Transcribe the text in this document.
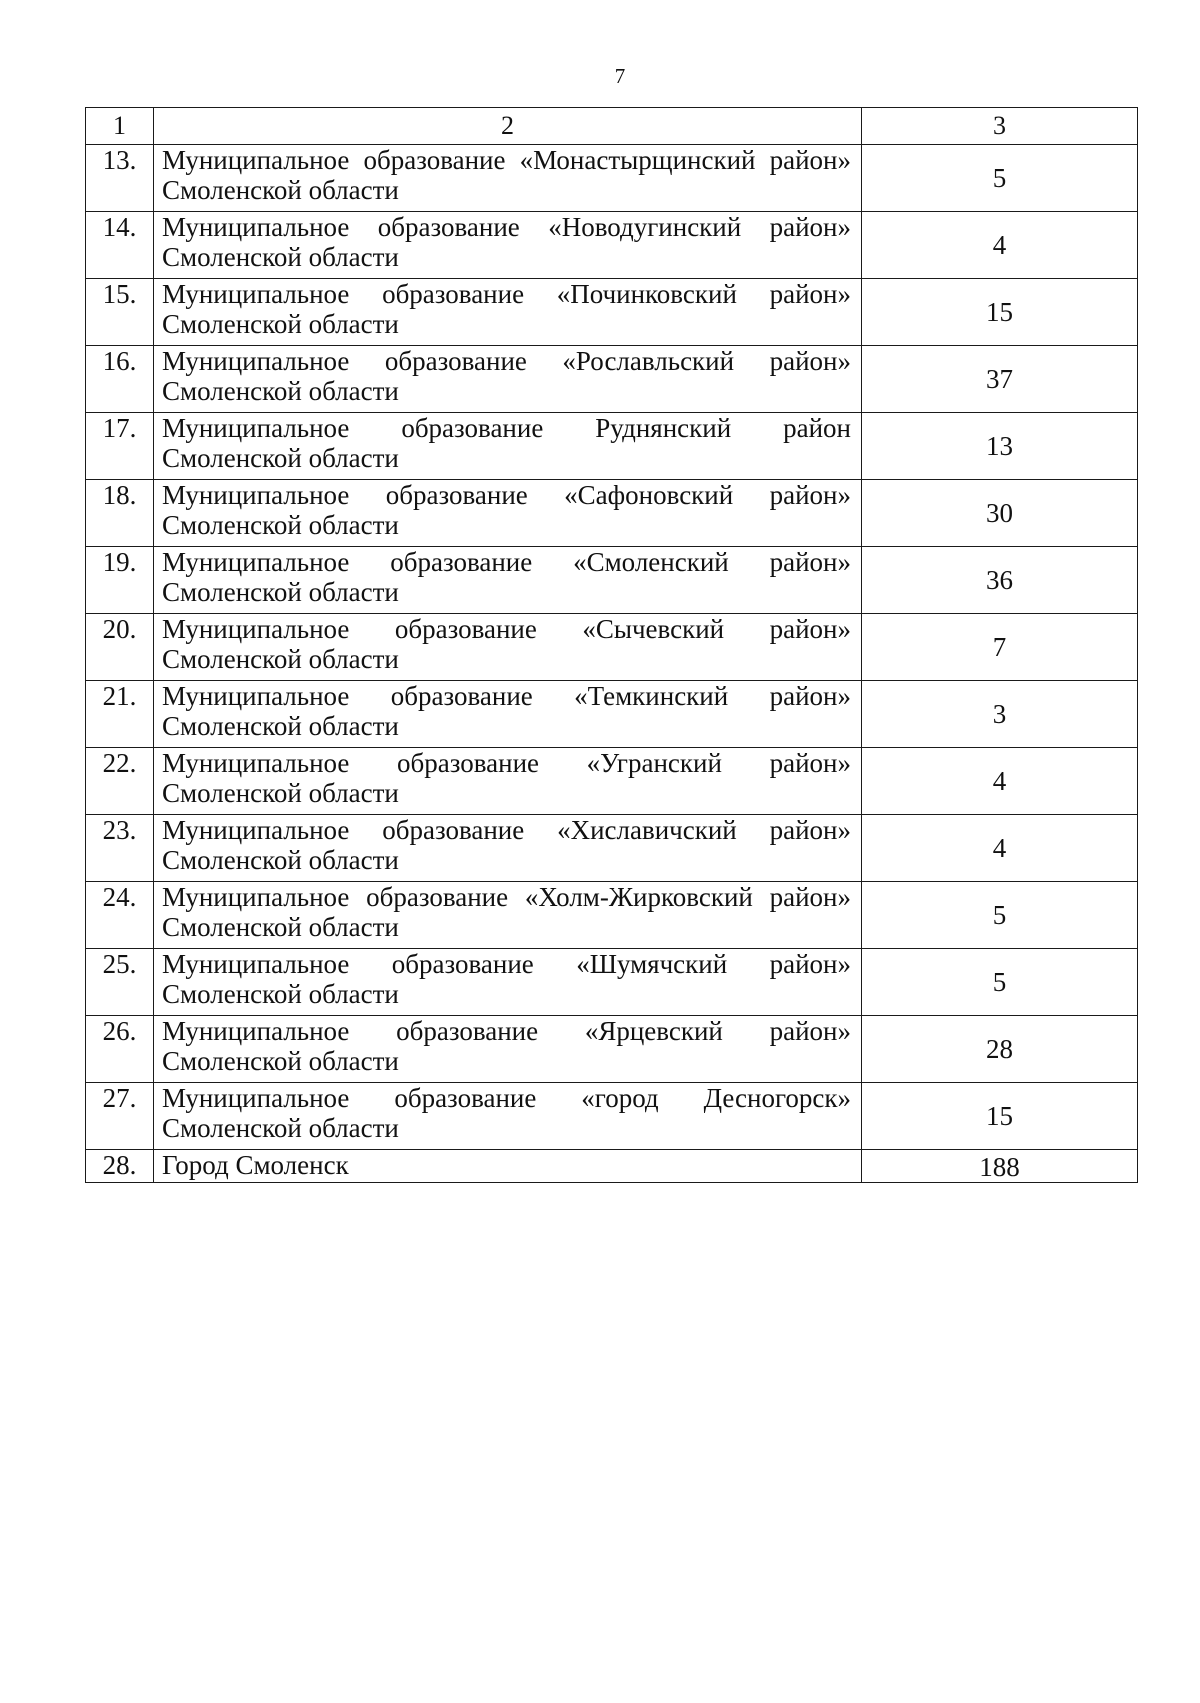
7
1	2	3
13.	Муниципальное образование «Монастырщинский район» Смоленской области	5
14.	Муниципальное образование «Новодугинский район» Смоленской области	4
15.	Муниципальное образование «Починковский район» Смоленской области	15
16.	Муниципальное образование «Рославльский район» Смоленской области	37
17.	Муниципальное образование Руднянский район Смоленской области	13
18.	Муниципальное образование «Сафоновский район» Смоленской области	30
19.	Муниципальное образование «Смоленский район» Смоленской области	36
20.	Муниципальное образование «Сычевский район» Смоленской области	7
21.	Муниципальное образование «Темкинский район» Смоленской области	3
22.	Муниципальное образование «Угранский район» Смоленской области	4
23.	Муниципальное образование «Хиславичский район» Смоленской области	4
24.	Муниципальное образование «Холм-Жирковский район» Смоленской области	5
25.	Муниципальное образование «Шумячский район» Смоленской области	5
26.	Муниципальное образование «Ярцевский район» Смоленской области	28
27.	Муниципальное образование «город Десногорск» Смоленской области	15
28.	Город Смоленск	188
